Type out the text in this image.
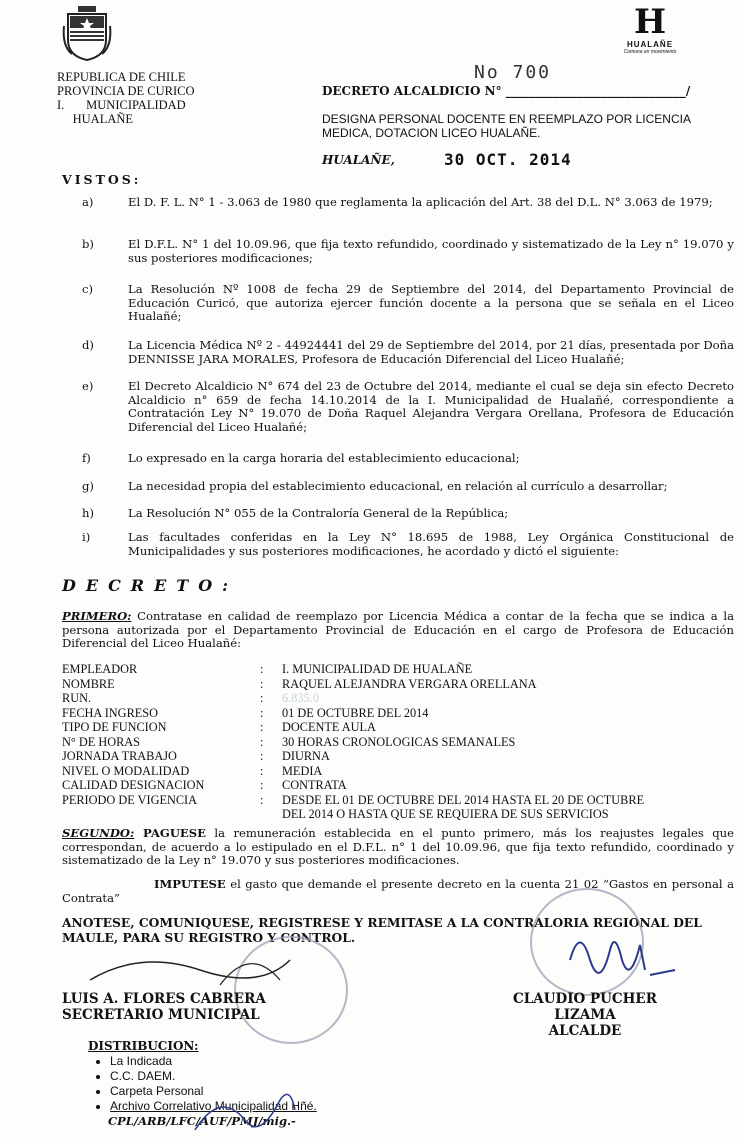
REPUBLICA DE CHILE
PROVINCIA DE CURICO
I.       MUNICIPALIDAD
HUALAÑE
H
HUALAÑE
Comuna en movimiento
No 700
DECRETO ALCALDICIO N° ______________________________/
DESIGNA PERSONAL DOCENTE EN REEMPLAZO POR LICENCIA MEDICA, DOTACION LICEO HUALAÑE.
HUALAÑE,	30 OCT. 2014
VISTOS:
a)	El D. F. L. N° 1 - 3.063 de 1980 que reglamenta la aplicación del Art. 38 del D.L. N° 3.063 de 1979;
b)	El D.F.L. N° 1 del 10.09.96, que fija texto refundido, coordinado y sistematizado de la Ley n° 19.070 y sus posteriores modificaciones;
c)	La Resolución Nº 1008 de fecha 29 de Septiembre del 2014, del Departamento Provincial de Educación Curicó, que autoriza ejercer función docente a la persona que se señala en el Liceo Hualañé;
d)	La Licencia Médica Nº 2 - 44924441 del 29 de Septiembre del 2014, por 21 días, presentada por Doña DENNISSE JARA MORALES, Profesora de Educación Diferencial del Liceo Hualañé;
e)	El Decreto Alcaldicio N° 674 del 23 de Octubre del 2014, mediante el cual se deja sin efecto Decreto Alcaldicio n° 659 de fecha 14.10.2014 de la I. Municipalidad de Hualañé, correspondiente a Contratación Ley N° 19.070 de Doña Raquel Alejandra Vergara Orellana, Profesora de Educación Diferencial del Liceo Hualañé;
f)	Lo expresado en la carga horaria del establecimiento educacional;
g)	La necesidad propia del establecimiento educacional, en relación al currículo a desarrollar;
h)	La Resolución N° 055 de la Contraloría General de la República;
i)	Las facultades conferidas en la Ley N° 18.695 de 1988, Ley Orgánica Constitucional de Municipalidades y sus posteriores modificaciones, he acordado y dictó el siguiente:
DECRETO:
PRIMERO: Contratase en calidad de reemplazo por Licencia Médica a contar de la fecha que se indica a la persona autorizada por el Departamento Provincial de Educación en el cargo de Profesora de Educación Diferencial del Liceo Hualañé:
EMPLEADOR	:	I. MUNICIPALIDAD DE HUALAÑE
NOMBRE	:	RAQUEL ALEJANDRA VERGARA ORELLANA
RUN.	:	6.835.0
FECHA INGRESO	:	01 DE OCTUBRE DEL 2014
TIPO DE FUNCION	:	DOCENTE AULA
N° DE HORAS	:	30 HORAS CRONOLOGICAS SEMANALES
JORNADA TRABAJO	:	DIURNA
NIVEL O MODALIDAD	:	MEDIA
CALIDAD DESIGNACION	:	CONTRATA
PERIODO DE VIGENCIA	:	DESDE EL 01 DE OCTUBRE DEL 2014 HASTA EL 20 DE OCTUBRE
DEL 2014 O HASTA QUE SE REQUIERA DE SUS SERVICIOS
SEGUNDO: PAGUESE la remuneración establecida en el punto primero, más los reajustes legales que correspondan, de acuerdo a lo estipulado en el D.F.L. n° 1 del 10.09.96, que fija texto refundido, coordinado y sistematizado de la Ley n° 19.070 y sus posteriores modificaciones.
IMPUTESE el gasto que demande el presente decreto en la cuenta 21 02 “Gastos en personal a Contrata”
ANOTESE, COMUNIQUESE, REGISTRESE Y REMITASE A LA CONTRALORIA REGIONAL DEL MAULE, PARA SU REGISTRO Y CONTROL.
LUIS A. FLORES CABRERA
SECRETARIO MUNICIPAL
CLAUDIO PUCHER LIZAMA
ALCALDE
DISTRIBUCION:
• La Indicada
• C.C. DAEM.
• Carpeta Personal
• Archivo Correlativo Municipalidad Hñé.
CPL/ARB/LFC/AUF/PMJ/mig.-
